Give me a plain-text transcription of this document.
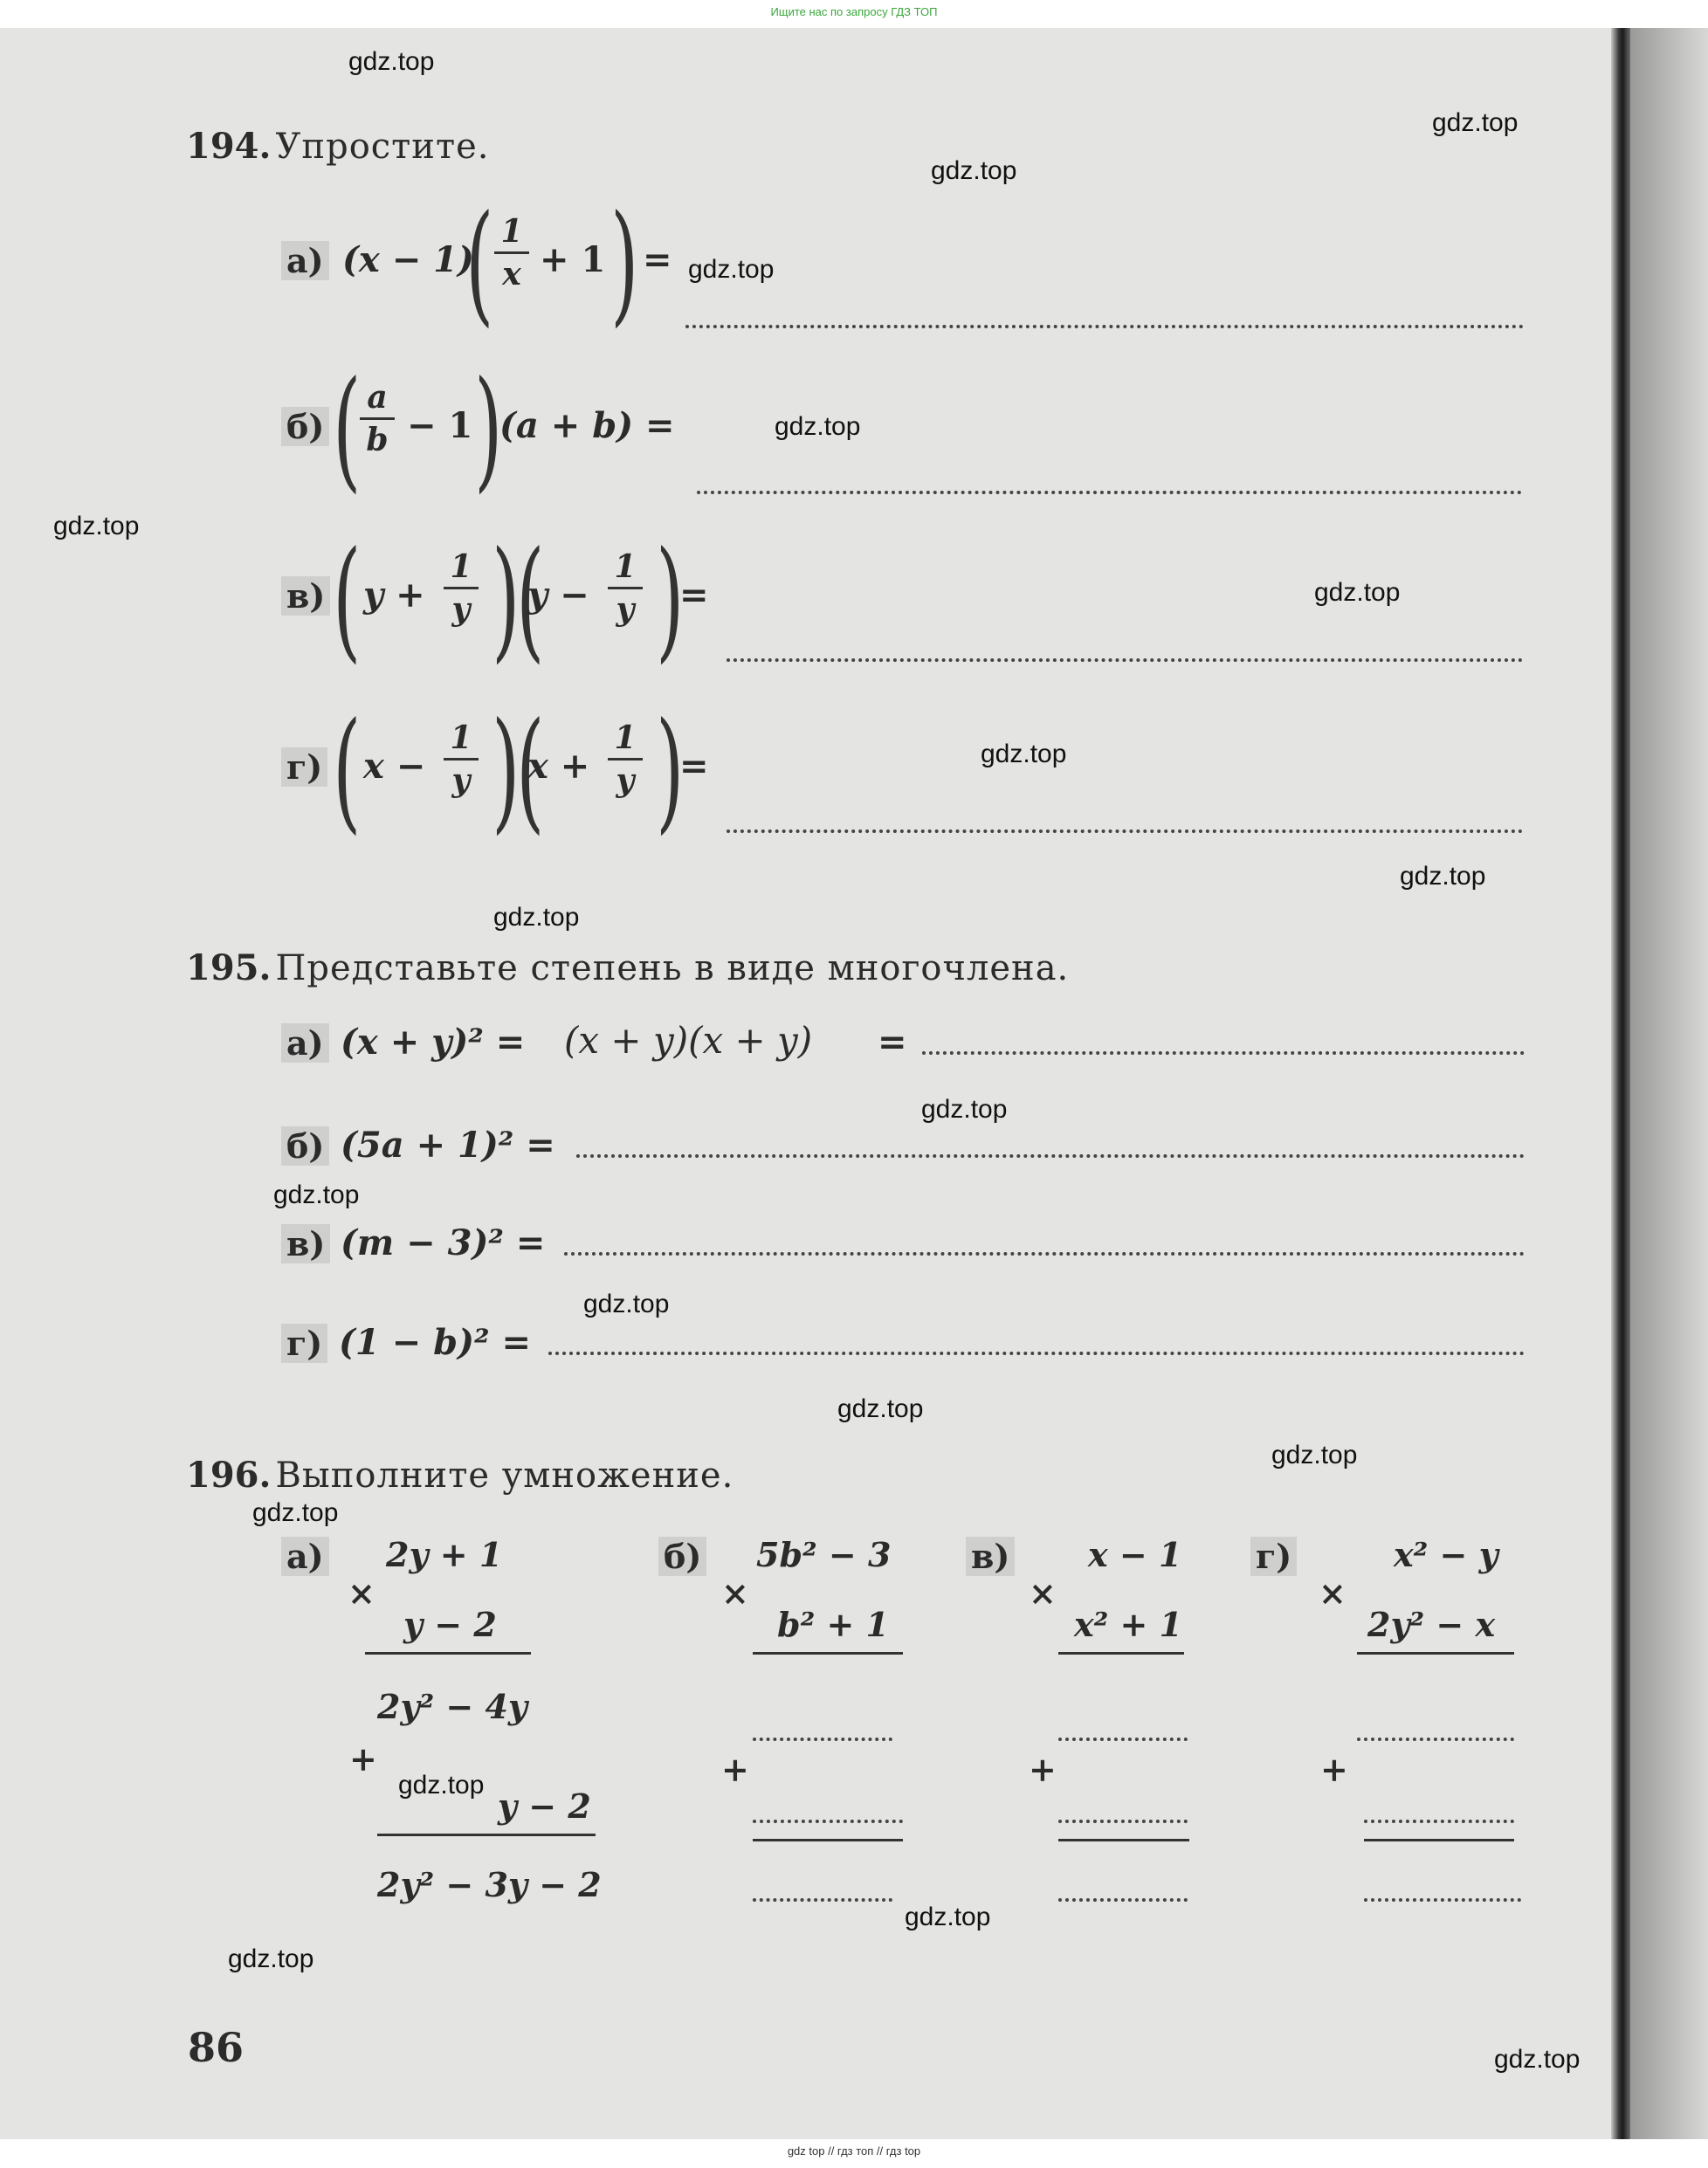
Ищите нас по запросу ГДЗ ТОП
gdz.top
gdz.top
gdz.top
gdz.top
gdz.top
gdz.top
gdz.top
gdz.top
gdz.top
gdz.top
gdz.top
gdz.top
gdz.top
gdz.top
gdz.top
gdz.top
gdz.top
gdz.top
gdz.top
gdz.top
194. Упростите.
а) (x − 1)
( 1
x + 1 ) =
б) ( a
b − 1 )
(a + b) =
в) ( y +
1
y )
(
y −
1
y )
=
г) ( x −
1
y )
(
x +
1
y )
=
195. Представьте степень в виде многочлена.
а) (x + y)² = (x + y)(x + y) =
б) (5a + 1)² =
в) (m − 3)² =
г) (1 − b)² =
196. Выполните умножение.
а) 2y + 1
×
y − 2
2y² − 4y
+
y − 2
2y² − 3y − 2
б) 5b² − 3
×
b² + 1
+
в) x − 1
×
x² + 1
+
г)	x² − y
×
2y² − x
+
86
gdz top // гдз топ // гдз top
